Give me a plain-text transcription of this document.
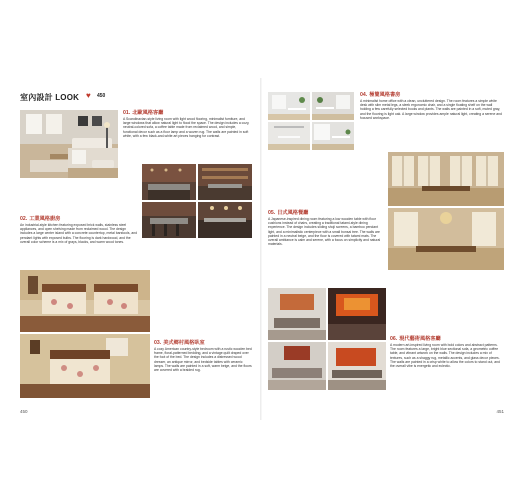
室內設計 LOOK ♥ 450
01. 北歐風格客廳
A Scandinavian-style living room with light wood flooring, minimalist furniture, and large windows that allow natural light to flood the space. The design includes a cozy, neutral-colored sofa, a coffee table made from reclaimed wood, and simple, functional decor such as a floor lamp and a woven rug. The walls are painted in soft white, with a few black-and-white art pieces hanging for contrast.
02. 工業風格廚房
An industrial-style kitchen featuring exposed brick walls, stainless steel appliances, and open shelving made from reclaimed wood. The design includes a large center island with a concrete countertop, metal barstools, and pendant lights with exposed bulbs. The flooring is dark hardwood, and the overall color scheme is a mix of grays, blacks, and warm wood tones.
03. 美式鄉村風格臥室
A cozy American country-style bedroom with a rustic wooden bed frame, floral-patterned bedding, and a vintage quilt draped over the foot of the bed. The design includes a distressed wood dresser, an antique mirror, and bedside tables with ceramic lamps. The walls are painted in a soft, warm beige, and the floors are covered with a braided rug.
450
04. 極簡風格書房
A minimalist home office with a clean, uncluttered design. The room features a simple white desk with slim metal legs, a sleek ergonomic chair, and a single floating shelf on the wall holding a few carefully selected books and plants. The walls are painted in a soft, muted gray, and the flooring is light oak. A large window provides ample natural light, creating a serene and focused workspace.
05. 日式風格餐廳
A Japanese-inspired dining room featuring a low wooden table with floor cushions instead of chairs, creating a traditional tatami-style dining experience. The design includes sliding shoji screens, a bamboo pendant light, and a minimalistic centerpiece with a small bonsai tree. The walls are painted in a neutral beige, and the floor is covered with tatami mats. The overall ambiance is calm and serene, with a focus on simplicity and natural materials.
06. 現代藝術風格客廳
A modern art-inspired living room with bold colors and abstract patterns. The room features a large, bright blue sectional sofa, a geometric coffee table, and vibrant artwork on the walls. The design includes a mix of textures, such as a shaggy rug, metallic accents, and glass decor pieces. The walls are painted in a crisp white to allow the colors to stand out, and the overall vibe is energetic and eclectic.
451
